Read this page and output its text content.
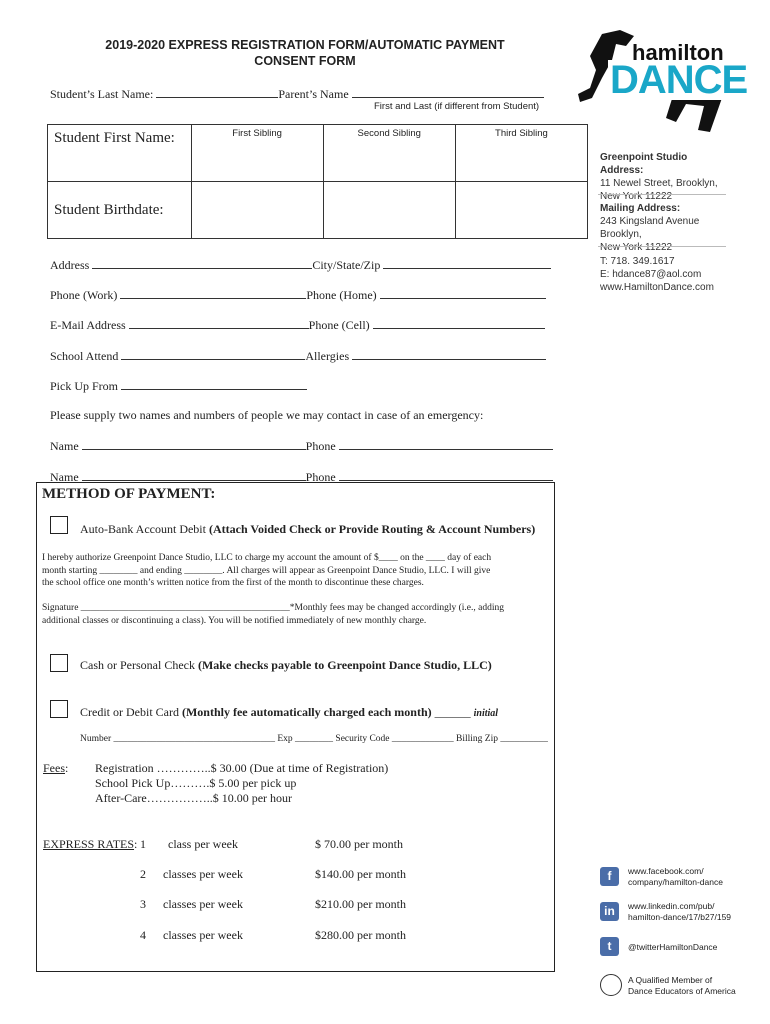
2019-2020 EXPRESS REGISTRATION FORM/AUTOMATIC PAYMENT
CONSENT FORM	hamilton
DANCE
Student’s Last Name:	Parent’s Name
First and Last (if different from Student)
Student First Name:	First Sibling	Second Sibling	Third Sibling
Student Birthdate:			
Address	City/State/Zip
Phone (Work)	Phone (Home)
E-Mail Address	Phone (Cell)
School Attend	Allergies
Pick Up From
Please supply two names and numbers of people we may contact in case of an emergency:
Name	Phone
Name	Phone
METHOD OF PAYMENT:
Auto-Bank Account Debit (Attach Voided Check or Provide Routing & Account Numbers)
I hereby authorize Greenpoint Dance Studio, LLC to charge my account the amount of $____ on the ____ day of each
month starting ________ and ending ________. All charges will appear as Greenpoint Dance Studio, LLC. I will give
the school office one month’s written notice from the first of the month to discontinue these charges.
Signature ____________________________________________*Monthly fees may be changed accordingly (i.e., adding
additional classes or discontinuing a class). You will be notified immediately of new monthly charge.
Cash or Personal Check (Make checks payable to Greenpoint Dance Studio, LLC)
Credit or Debit Card (Monthly fee automatically charged each month) ______ initial
Number __________________________________ Exp ________ Security Code _____________ Billing Zip __________
Fees: Registration …………..$ 30.00 (Due at time of Registration)
School Pick Up……….$ 5.00 per pick up
After-Care……………..$ 10.00 per hour
EXPRESS RATES: 1 class per week	$ 70.00 per month
2 classes per week	$140.00 per month
3 classes per week	$210.00 per month
4 classes per week	$280.00 per month
Greenpoint Studio Address:
11 Newel Street, Brooklyn,
New York 11222
Mailing Address:
243 Kingsland Avenue Brooklyn,
New York 11222
T: 718. 349.1617
E: hdance87@aol.com
www.HamiltonDance.com
f	www.facebook.com/
company/hamilton-dance
in	www.linkedin.com/pub/
hamilton-dance/17/b27/159
t	@twitterHamiltonDance
A Qualified Member of
Dance Educators of America
